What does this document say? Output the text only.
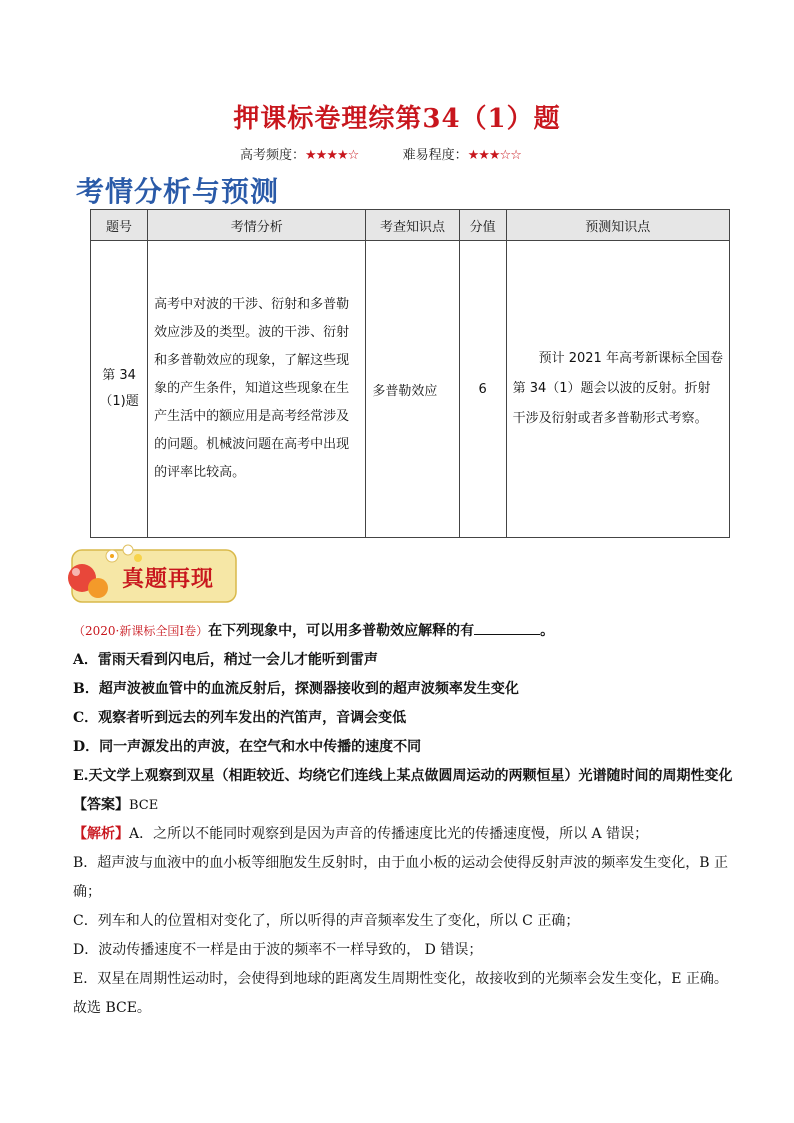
押课标卷理综第34（1）题
高考频度：★★★★☆	难易程度：★★★☆☆
考情分析与预测
题号	考情分析	考查知识点	分值	预测知识点

第 34
（1)题	高考中对波的干涉、衍射和多普勒效应涉及的类型。波的干涉、衍射和多普勒效应的现象，了解这些现象的产生条件，知道这些现象在生产生活中的额应用是高考经常涉及的问题。机械波问题在高考中出现的评率比较高。	多普勒效应	6	预计 2021 年高考新课标全国卷第 34（1）题会以波的反射。折射干涉及衍射或者多普勒形式考察。
真题再现

（2020·新课标全国Ⅰ卷）在下列现象中，可以用多普勒效应解释的有	。

A．雷雨天看到闪电后，稍过一会儿才能听到雷声

B．超声波被血管中的血流反射后，探测器接收到的超声波频率发生变化

C．观察者听到远去的列车发出的汽笛声，音调会变低

D．同一声源发出的声波，在空气和水中传播的速度不同

E.天文学上观察到双星（相距较近、均绕它们连线上某点做圆周运动的两颗恒星）光谱随时间的周期性变化

【答案】BCE

【解析】A．之所以不能同时观察到是因为声音的传播速度比光的传播速度慢，所以 A 错误；

B．超声波与血液中的血小板等细胞发生反射时，由于血小板的运动会使得反射声波的频率发生变化，B 正确；

C．列车和人的位置相对变化了，所以听得的声音频率发生了变化，所以 C 正确；

D．波动传播速度不一样是由于波的频率不一样导致的， D 错误；

E．双星在周期性运动时，会使得到地球的距离发生周期性变化，故接收到的光频率会发生变化，E 正确。

故选 BCE。
